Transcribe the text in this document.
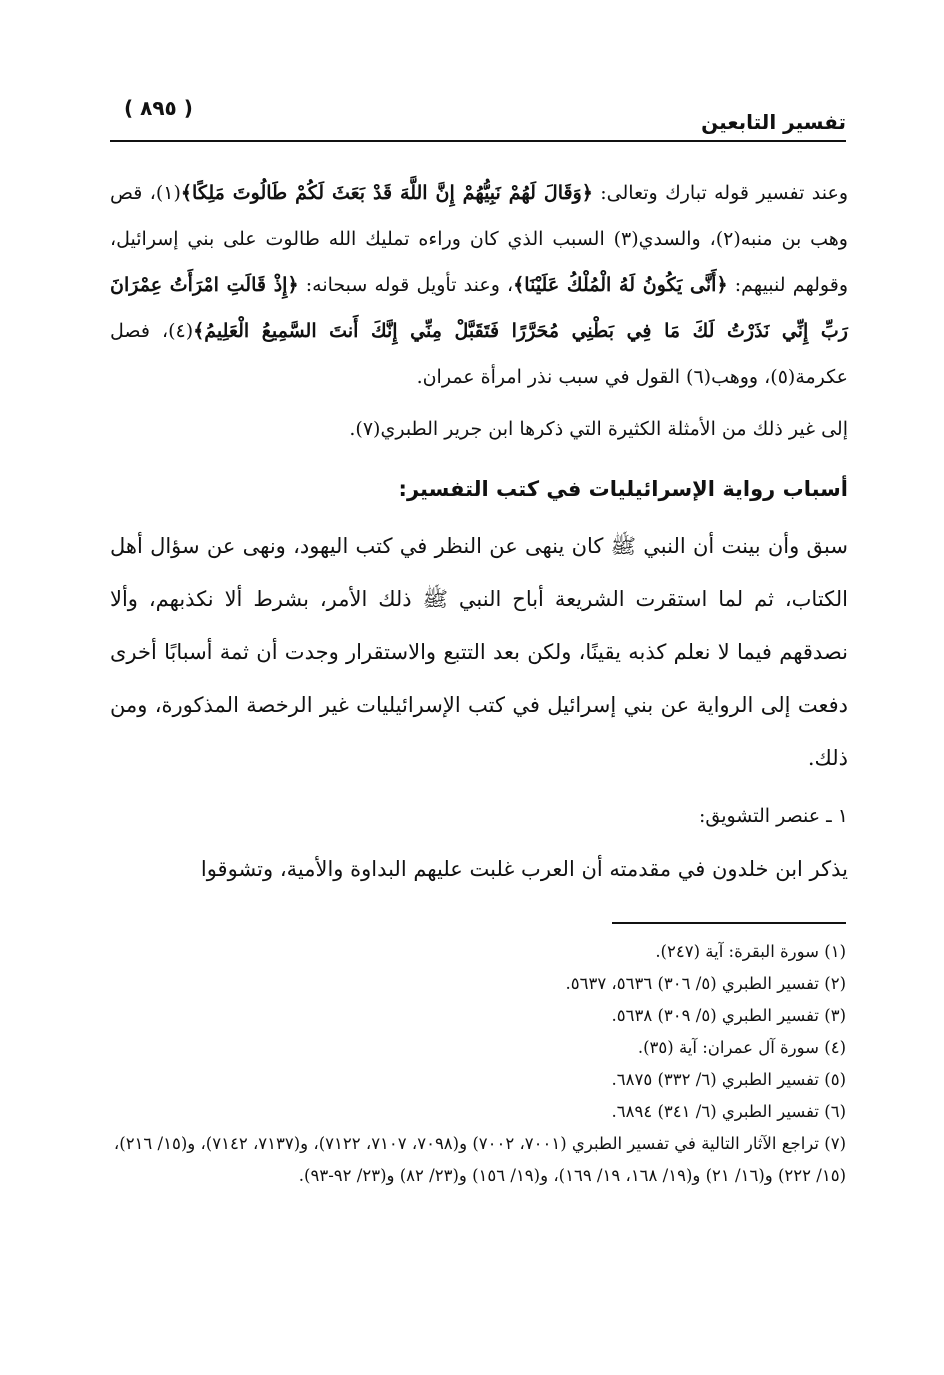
تفسير التابعين
( ٨٩٥ )

وعند تفسير قوله تبارك وتعالى: ﴿وَقَالَ لَهُمْ نَبِيُّهُمْ إِنَّ اللَّهَ قَدْ بَعَثَ لَكُمْ طَالُوتَ مَلِكًا﴾(١)، قص وهب بن منبه(٢)، والسدي(٣) السبب الذي كان وراءه تمليك الله طالوت على بني إسرائيل، وقولهم لنبيهم: ﴿أَنَّى يَكُونُ لَهُ الْمُلْكُ عَلَيْنَا﴾، وعند تأويل قوله سبحانه: ﴿إِذْ قَالَتِ امْرَأَتُ عِمْرَانَ رَبِّ إِنِّي نَذَرْتُ لَكَ مَا فِي بَطْنِي مُحَرَّرًا فَتَقَبَّلْ مِنِّي إِنَّكَ أَنتَ السَّمِيعُ الْعَلِيمُ﴾(٤)، فصل عكرمة(٥)، ووهب(٦) القول في سبب نذر امرأة عمران.

إلى غير ذلك من الأمثلة الكثيرة التي ذكرها ابن جرير الطبري(٧).

أسباب رواية الإسرائيليات في كتب التفسير:

سبق وأن بينت أن النبي ﷺ كان ينهى عن النظر في كتب اليهود، ونهى عن سؤال أهل الكتاب، ثم لما استقرت الشريعة أباح النبي ﷺ ذلك الأمر، بشرط ألا نكذبهم، وألا نصدقهم فيما لا نعلم كذبه يقينًا، ولكن بعد التتبع والاستقرار وجدت أن ثمة أسبابًا أخرى دفعت إلى الرواية عن بني إسرائيل في كتب الإسرائيليات غير الرخصة المذكورة، ومن ذلك.

١ ـ عنصر التشويق:

يذكر ابن خلدون في مقدمته أن العرب غلبت عليهم البداوة والأمية، وتشوقوا

(١) سورة البقرة: آية (٢٤٧).

(٢) تفسير الطبري (٥/ ٣٠٦) ٥٦٣٦، ٥٦٣٧.

(٣) تفسير الطبري (٥/ ٣٠٩) ٥٦٣٨.

(٤) سورة آل عمران: آية (٣٥).

(٥) تفسير الطبري (٦/ ٣٣٢) ٦٨٧٥.

(٦) تفسير الطبري (٦/ ٣٤١) ٦٨٩٤.

(٧) تراجع الآثار التالية في تفسير الطبري (٧٠٠١، ٧٠٠٢) و(٧٠٩٨، ٧١٠٧، ٧١٢٢)، و(٧١٣٧، ٧١٤٢)، و(١٥/ ٢١٦)، (١٥/ ٢٢٢) و(١٦/ ٢١) و(١٩/ ١٦٨، ١٩/ ١٦٩)، و(١٩/ ١٥٦) و(٢٣/ ٨٢) و(٢٣/ ٩٢-٩٣).
